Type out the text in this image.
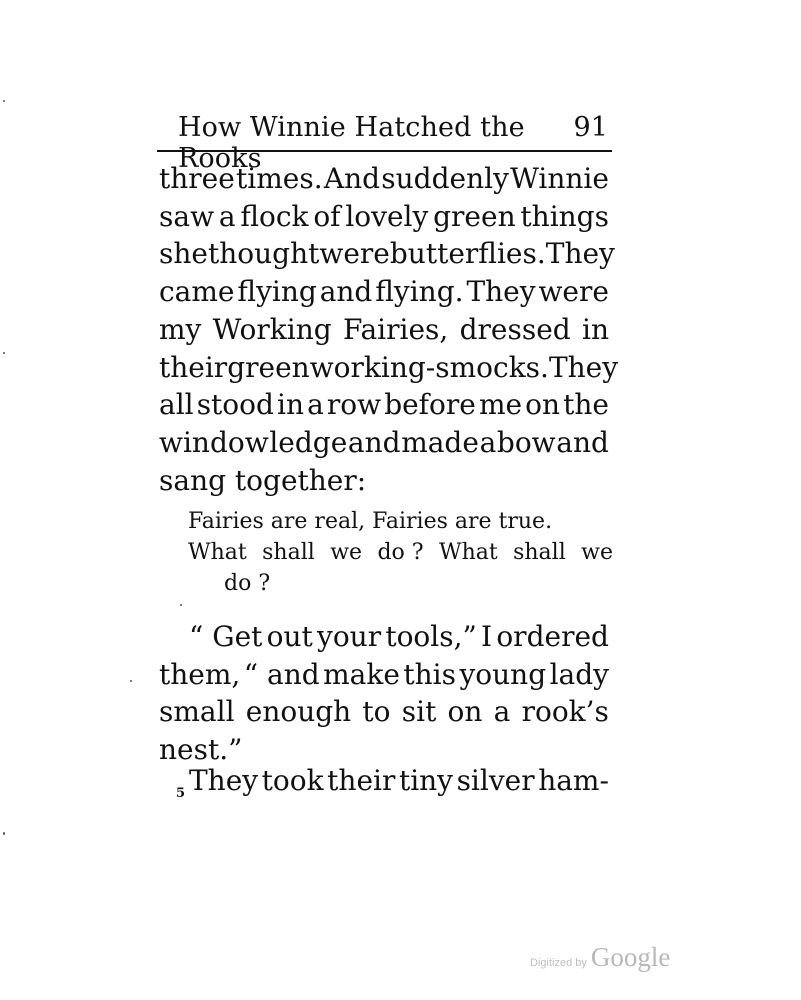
How Winnie Hatched the Rooks
91
three times. And suddenly Winnie
saw a flock of lovely green things
she thought were butterflies. They
came flying and flying. They were
my Working Fairies, dressed in
their green working-smocks. They
all stood in a row before me on the
window ledge and made a bow and
sang together:
Fairies are real, Fairies are true.
What shall we do ? What shall we
do ?
“ Get out your tools,” I ordered
them, “ and make this young lady
small enough to sit on a rook’s
nest.”
They took their tiny silver ham-
5
Digitized by Google
